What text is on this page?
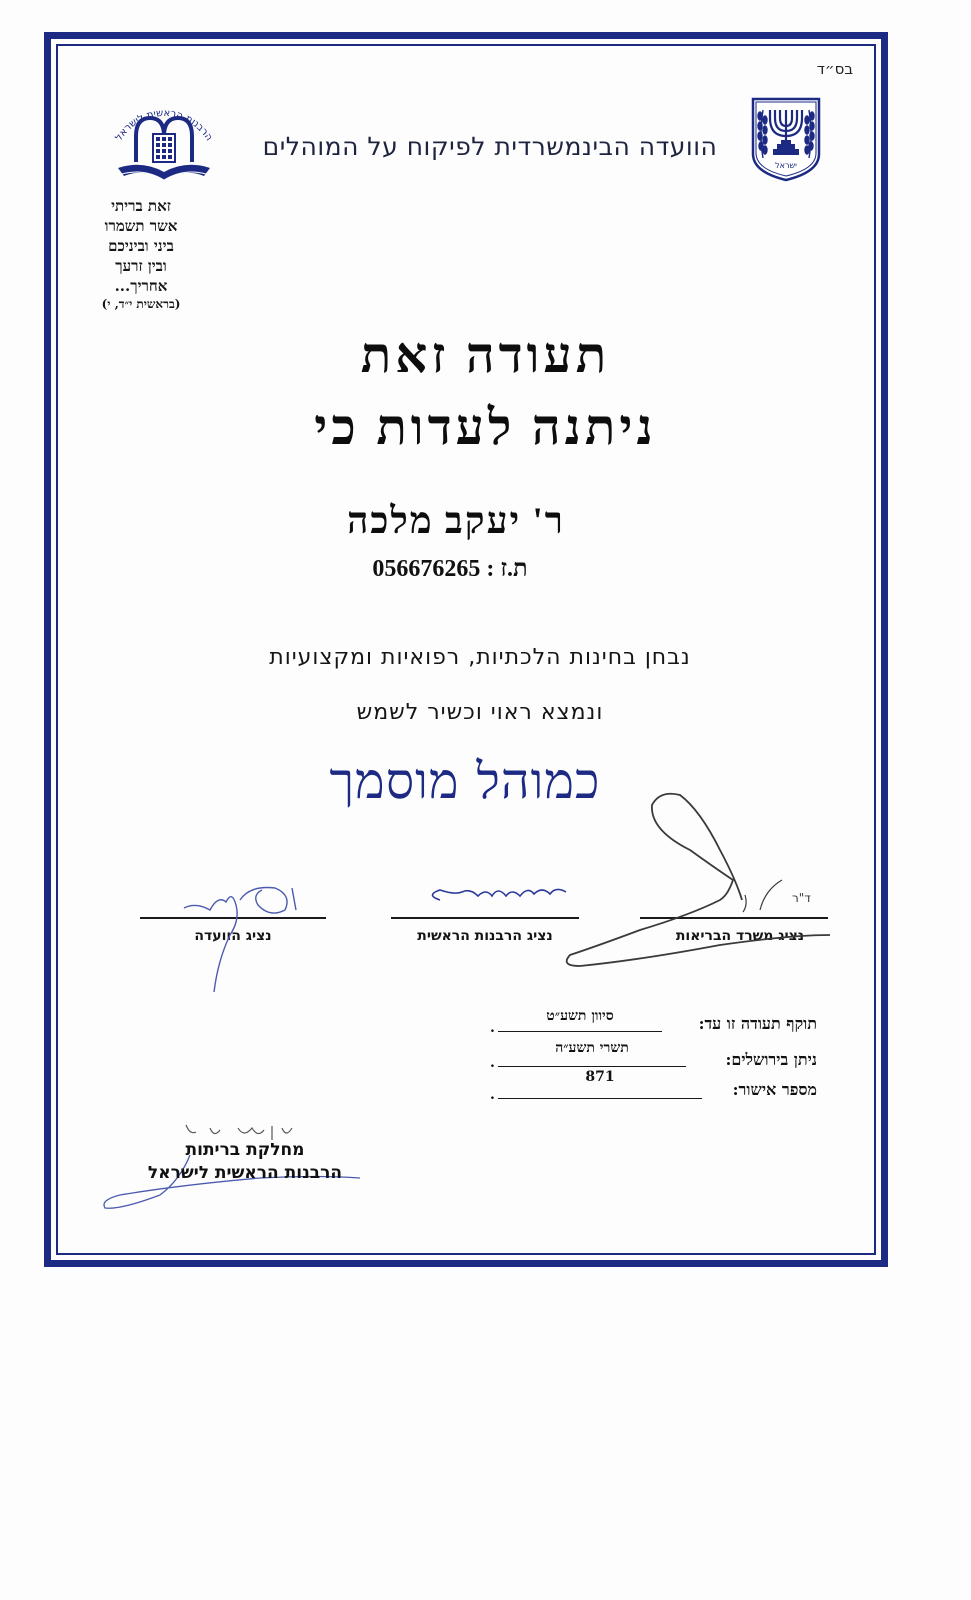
בס״ד
ישראל
הוועדה הבינמשרדית לפיקוח על המוהלים
הרבנות הראשית לישראל
זאת בריתי
אשר תשמרו
ביני וביניכם
ובין זרעך
אחריך...
(בראשית י״ד, י)
תעודה זאת
ניתנה לעדות כי
ר' יעקב מלכה
ת.ז : 056676265
נבחן בחינות הלכתיות, רפואיות ומקצועיות
ונמצא ראוי וכשיר לשמש
כמוהל מוסמך
נציג משרד הבריאות
נציג הרבנות הראשית
נציג הוועדה
ד"ר
תוקף תעודה זו עד:
סיוון תשע״ט
.
ניתן בירושלים:
תשרי תשע״ה
.
מספר אישור:
871
.
מחלקת בריתות
הרבנות הראשית לישראל
